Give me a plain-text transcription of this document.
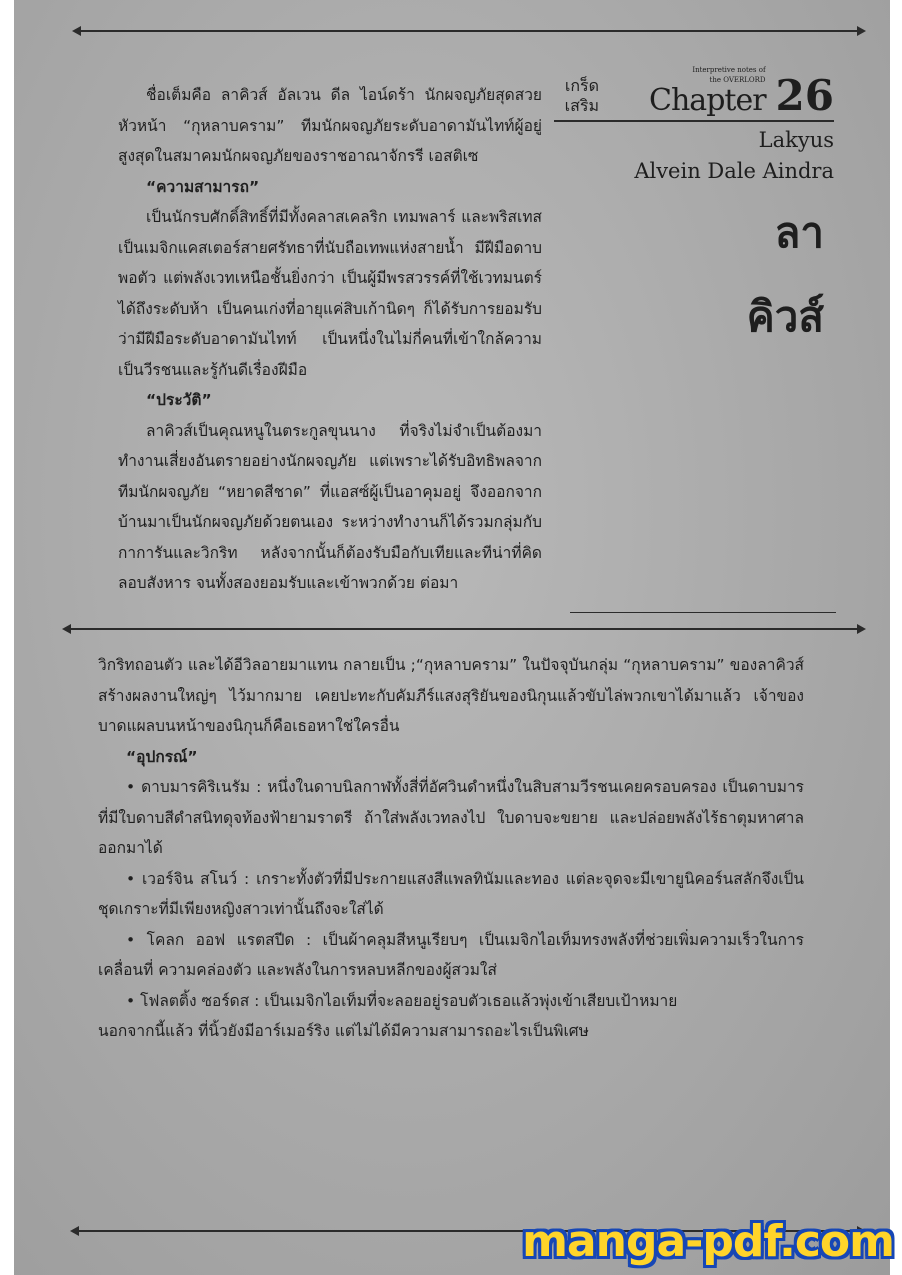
ชื่อเต็มคือ ลาคิวส์ อัลเวน ดีล ไอน์ดร้า นักผจญภัยสุดสวยหัวหน้า “กุหลาบคราม” ทีมนักผจญภัยระดับอาดามันไทท์ผู้อยู่สูงสุดในสมาคมนักผจญภัยของราชอาณาจักรรี เอสติเซ

“ความสามารถ”

เป็นนักรบศักดิ์สิทธิ์ที่มีทั้งคลาสเคลริก เทมพลาร์ และพริสเทส เป็นเมจิกแคสเตอร์สายศรัทธาที่นับถือเทพแห่งสายน้ำ มีฝีมือดาบพอตัว แต่พลังเวทเหนือชั้นยิ่งกว่า เป็นผู้มีพรสวรรค์ที่ใช้เวทมนตร์ได้ถึงระดับห้า เป็นคนเก่งที่อายุแค่สิบเก้านิดๆ ก็ได้รับการยอมรับว่ามีฝีมือระดับอาดามันไทท์ เป็นหนึ่งในไม่กี่คนที่เข้าใกล้ความเป็นวีรชนและรู้กันดีเรื่องฝีมือ

“ประวัติ”

ลาคิวส์เป็นคุณหนูในตระกูลขุนนาง ที่จริงไม่จำเป็นต้องมาทำงานเสี่ยงอันตรายอย่างนักผจญภัย แต่เพราะได้รับอิทธิพลจากทีมนักผจญภัย “หยาดสีชาด” ที่แอสซ์ผู้เป็นอาคุมอยู่ จึงออกจากบ้านมาเป็นนักผจญภัยด้วยตนเอง ระหว่างทำงานก็ได้รวมกลุ่มกับกาการันและวิกริท หลังจากนั้นก็ต้องรับมือกับเทียและทีน่าที่คิดลอบสังหาร จนทั้งสองยอมรับและเข้าพวกด้วย ต่อมา

เกร็ดเสริม
Interpretive notes of
the OVERLORD
Chapter 26
Lakyus
Alvein Dale Aindra
ลา
คิวส์

วิกริทถอนตัว และได้อีวิลอายมาแทน กลายเป็น ;“กุหลาบคราม” ในปัจจุบันกลุ่ม “กุหลาบคราม” ของลาคิวส์สร้างผลงานใหญ่ๆ ไว้มากมาย เคยปะทะกับคัมภีร์แสงสุริยันของนิกุนแล้วขับไล่พวกเขาได้มาแล้ว เจ้าของบาดแผลบนหน้าของนิกุนก็คือเธอหาใช่ใครอื่น

“อุปกรณ์”

• ดาบมารคิริเนรัม : หนึ่งในดาบนิลกาฬทั้งสี่ที่อัศวินดำหนึ่งในสิบสามวีรชนเคยครอบครอง เป็นดาบมารที่มีใบดาบสีดำสนิทดุจท้องฟ้ายามราตรี ถ้าใส่พลังเวทลงไป ใบดาบจะขยาย และปล่อยพลังไร้ธาตุมหาศาลออกมาได้

• เวอร์จิน สโนว์ : เกราะทั้งตัวที่มีประกายแสงสีแพลทินัมและทอง แต่ละจุดจะมีเขายูนิคอร์นสลักจึงเป็นชุดเกราะที่มีเพียงหญิงสาวเท่านั้นถึงจะใส่ได้

• โคลก ออฟ แรตสปีด : เป็นผ้าคลุมสีหนูเรียบๆ เป็นเมจิกไอเท็มทรงพลังที่ช่วยเพิ่มความเร็วในการเคลื่อนที่ ความคล่องตัว และพลังในการหลบหลีกของผู้สวมใส่

• โฟลตติ้ง ซอร์ดส : เป็นเมจิกไอเท็มที่จะลอยอยู่รอบตัวเธอแล้วพุ่งเข้าเสียบเป้าหมาย

นอกจากนี้แล้ว ที่นิ้วยังมีอาร์เมอร์ริง แต่ไม่ได้มีความสามารถอะไรเป็นพิเศษ

manga-pdf.com
